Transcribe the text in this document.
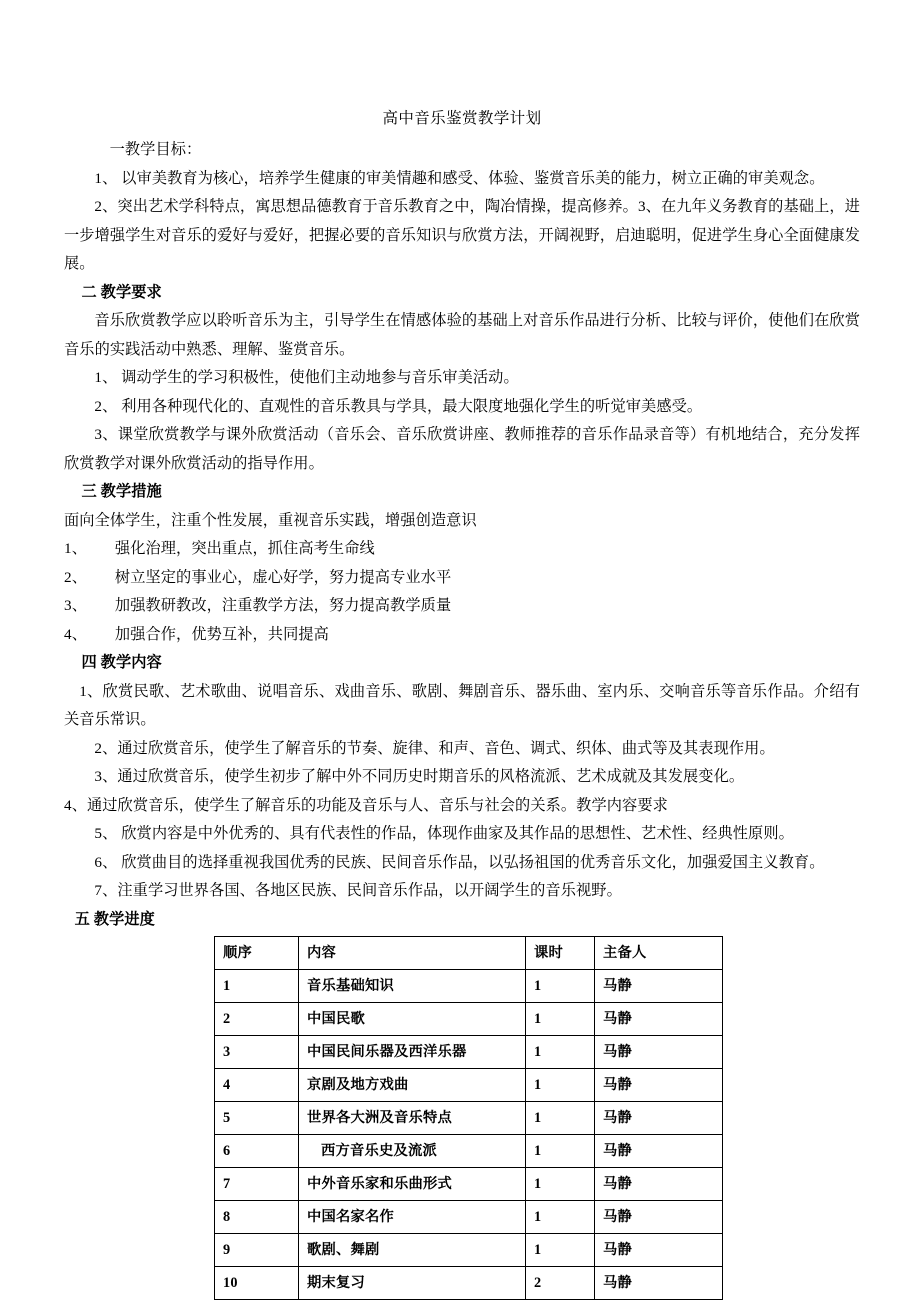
高中音乐鉴赏教学计划

一教学目标：

1、 以审美教育为核心，培养学生健康的审美情趣和感受、体验、鉴赏音乐美的能力，树立正确的审美观念。

2、突出艺术学科特点，寓思想品德教育于音乐教育之中，陶冶情操，提高修养。3、在九年义务教育的基础上，进一步增强学生对音乐的爱好与爱好，把握必要的音乐知识与欣赏方法，开阔视野，启迪聪明，促进学生身心全面健康发展。

二 教学要求

音乐欣赏教学应以聆听音乐为主，引导学生在情感体验的基础上对音乐作品进行分析、比较与评价，使他们在欣赏音乐的实践活动中熟悉、理解、鉴赏音乐。

1、 调动学生的学习积极性，使他们主动地参与音乐审美活动。

2、 利用各种现代化的、直观性的音乐教具与学具，最大限度地强化学生的听觉审美感受。

3、课堂欣赏教学与课外欣赏活动（音乐会、音乐欣赏讲座、教师推荐的音乐作品录音等）有机地结合，充分发挥欣赏教学对课外欣赏活动的指导作用。

三 教学措施

面向全体学生，注重个性发展，重视音乐实践，增强创造意识

1、 强化治理，突出重点，抓住高考生命线

2、 树立坚定的事业心，虚心好学，努力提高专业水平

3、 加强教研教改，注重教学方法，努力提高教学质量

4、 加强合作，优势互补，共同提高

四 教学内容

1、欣赏民歌、艺术歌曲、说唱音乐、戏曲音乐、歌剧、舞剧音乐、器乐曲、室内乐、交响音乐等音乐作品。介绍有关音乐常识。

2、通过欣赏音乐，使学生了解音乐的节奏、旋律、和声、音色、调式、织体、曲式等及其表现作用。

3、通过欣赏音乐，使学生初步了解中外不同历史时期音乐的风格流派、艺术成就及其发展变化。

4、通过欣赏音乐，使学生了解音乐的功能及音乐与人、音乐与社会的关系。教学内容要求

5、 欣赏内容是中外优秀的、具有代表性的作品，体现作曲家及其作品的思想性、艺术性、经典性原则。

6、 欣赏曲目的选择重视我国优秀的民族、民间音乐作品，以弘扬祖国的优秀音乐文化，加强爱国主义教育。

7、注重学习世界各国、各地区民族、民间音乐作品，以开阔学生的音乐视野。

五 教学进度

顺序	内容	课时	主备人
1	音乐基础知识	1	马静
2	中国民歌	1	马静
3	中国民间乐器及西洋乐器	1	马静
4	京剧及地方戏曲	1	马静
5	世界各大洲及音乐特点	1	马静
6	西方音乐史及流派	1	马静
7	中外音乐家和乐曲形式	1	马静
8	中国名家名作	1	马静
9	歌剧、舞剧	1	马静
10	期末复习	2	马静
